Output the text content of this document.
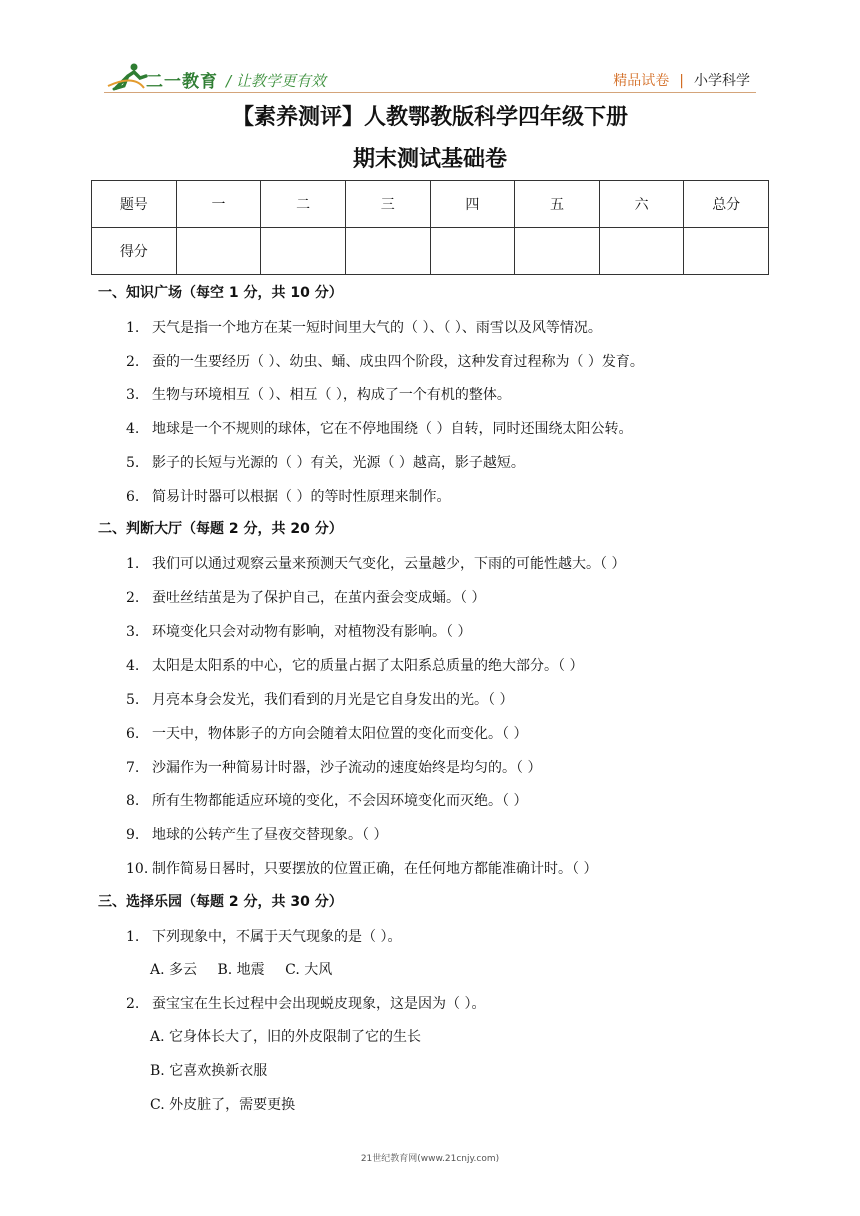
二一教育 / 让教学更有效	精品试卷 | 小学科学
【素养测评】人教鄂教版科学四年级下册
期末测试基础卷
题号	一	二	三	四	五	六	总分
得分							
一、知识广场（每空 1 分，共 10 分）
1. 天气是指一个地方在某一短时间里大气的（ ）、（ ）、雨雪以及风等情况。
2. 蚕的一生要经历（ ）、幼虫、蛹、成虫四个阶段，这种发育过程称为（ ）发育。
3. 生物与环境相互（ ）、相互（ ），构成了一个有机的整体。
4. 地球是一个不规则的球体，它在不停地围绕（ ）自转，同时还围绕太阳公转。
5. 影子的长短与光源的（ ）有关，光源（ ）越高，影子越短。
6. 简易计时器可以根据（ ）的等时性原理来制作。
二、判断大厅（每题 2 分，共 20 分）
1. 我们可以通过观察云量来预测天气变化，云量越少，下雨的可能性越大。（ ）
2. 蚕吐丝结茧是为了保护自己，在茧内蚕会变成蛹。（ ）
3. 环境变化只会对动物有影响，对植物没有影响。（ ）
4. 太阳是太阳系的中心，它的质量占据了太阳系总质量的绝大部分。（ ）
5. 月亮本身会发光，我们看到的月光是它自身发出的光。（ ）
6. 一天中，物体影子的方向会随着太阳位置的变化而变化。（ ）
7. 沙漏作为一种简易计时器，沙子流动的速度始终是均匀的。（ ）
8. 所有生物都能适应环境的变化，不会因环境变化而灭绝。（ ）
9. 地球的公转产生了昼夜交替现象。（ ）
10. 制作简易日晷时，只要摆放的位置正确，在任何地方都能准确计时。（ ）
三、选择乐园（每题 2 分，共 30 分）
1. 下列现象中，不属于天气现象的是（ ）。
A. 多云 B. 地震 C. 大风
2. 蚕宝宝在生长过程中会出现蜕皮现象，这是因为（ ）。
A. 它身体长大了，旧的外皮限制了它的生长
B. 它喜欢换新衣服
C. 外皮脏了，需要更换
21世纪教育网(www.21cnjy.com)
